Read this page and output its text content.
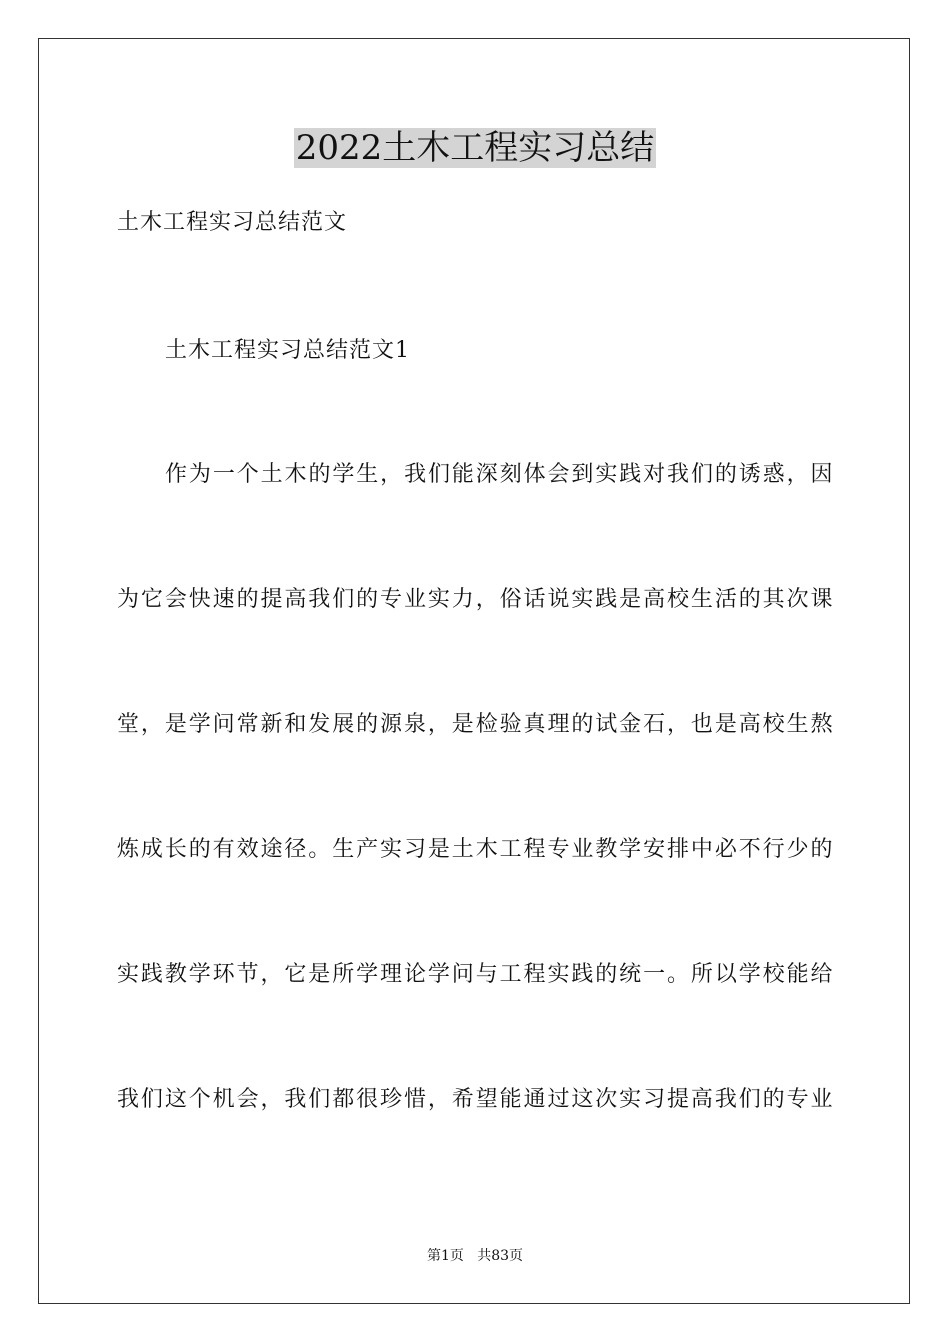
2022土木工程实习总结
土木工程实习总结范文
土木工程实习总结范文1
作为一个土木的学生，我们能深刻体会到实践对我们的诱惑，因
为它会快速的提高我们的专业实力，俗话说实践是高校生活的其次课
堂，是学问常新和发展的源泉，是检验真理的试金石，也是高校生熬
炼成长的有效途径。生产实习是土木工程专业教学安排中必不行少的
实践教学环节，它是所学理论学问与工程实践的统一。所以学校能给
我们这个机会，我们都很珍惜，希望能通过这次实习提高我们的专业
第1页   共83页
